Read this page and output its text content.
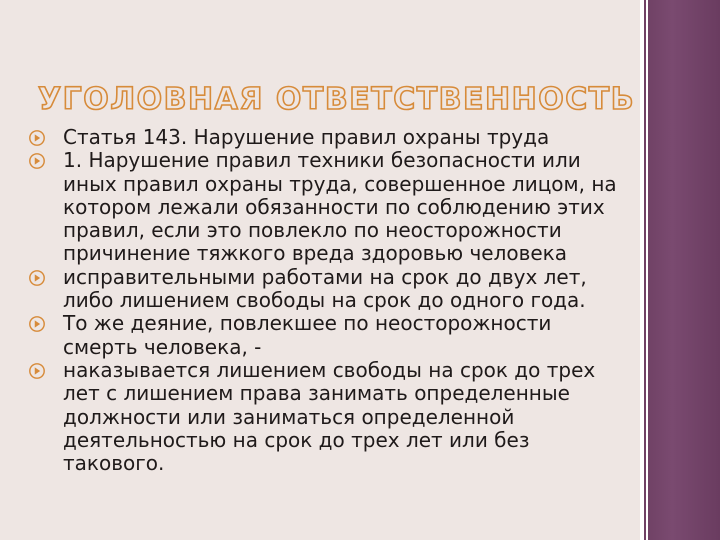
УГОЛОВНАЯ ОТВЕТСТВЕННОСТЬ
Статья 143. Нарушение правил охраны труда
1. Нарушение правил техники безопасности или иных правил охраны труда, совершенное лицом, на котором лежали обязанности по соблюдению этих правил, если это повлекло по неосторожности причинение тяжкого вреда здоровью человека
исправительными работами на срок до двух лет, либо лишением свободы на срок до одного года.
То же деяние, повлекшее по неосторожности смерть человека, -
наказывается лишением свободы на срок до трех лет с лишением права занимать определенные должности или заниматься определенной деятельностью на срок до трех лет или без такового.
